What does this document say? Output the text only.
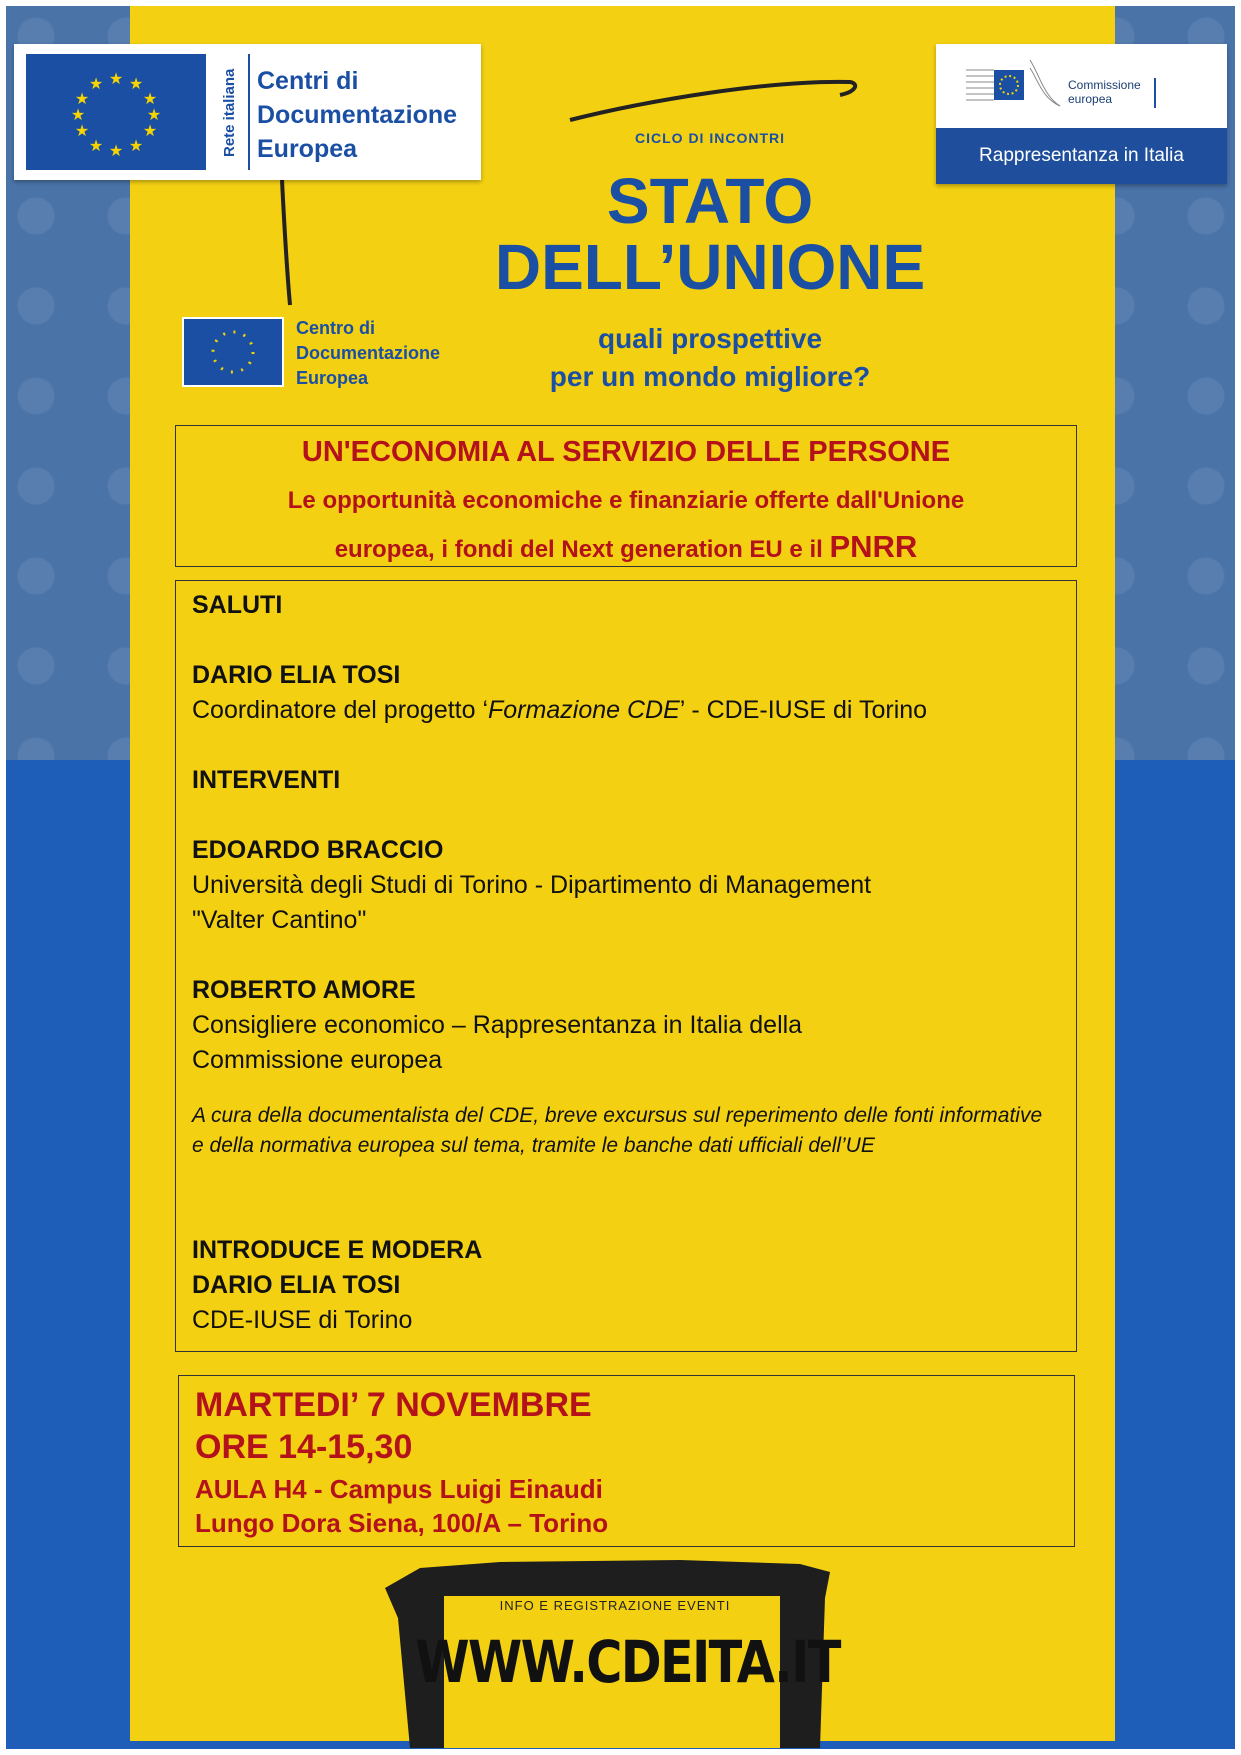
★ ★
★
★
★
★
★
★
★
★
★
★	Rete italiana Centri di
Documentazione
Europea
Commissione
europea
Rappresentanza in Italia
Centro di
Documentazione
Europea
CICLO DI INCONTRI
STATO
DELL’UNIONE
quali prospettive
per un mondo migliore?
UN'ECONOMIA AL SERVIZIO DELLE PERSONE
Le opportunità economiche e finanziarie offerte dall'Unione
europea, i fondi del Next generation EU e il PNRR
SALUTI
DARIO ELIA TOSI
Coordinatore del progetto ‘Formazione CDE’ - CDE-IUSE di Torino
INTERVENTI
EDOARDO BRACCIO
Università degli Studi di Torino - Dipartimento di Management
"Valter Cantino"
ROBERTO AMORE
Consigliere economico – Rappresentanza in Italia della
Commissione europea
A cura della documentalista del CDE, breve excursus sul reperimento delle fonti informative e della normativa europea sul tema, tramite le banche dati ufficiali dell’UE
INTRODUCE E MODERA
DARIO ELIA TOSI
CDE-IUSE di Torino
MARTEDI’ 7 NOVEMBRE
ORE 14-15,30
AULA H4 - Campus Luigi Einaudi
Lungo Dora Siena, 100/A – Torino
INFO E REGISTRAZIONE EVENTI
WWW.CDEITA.IT
